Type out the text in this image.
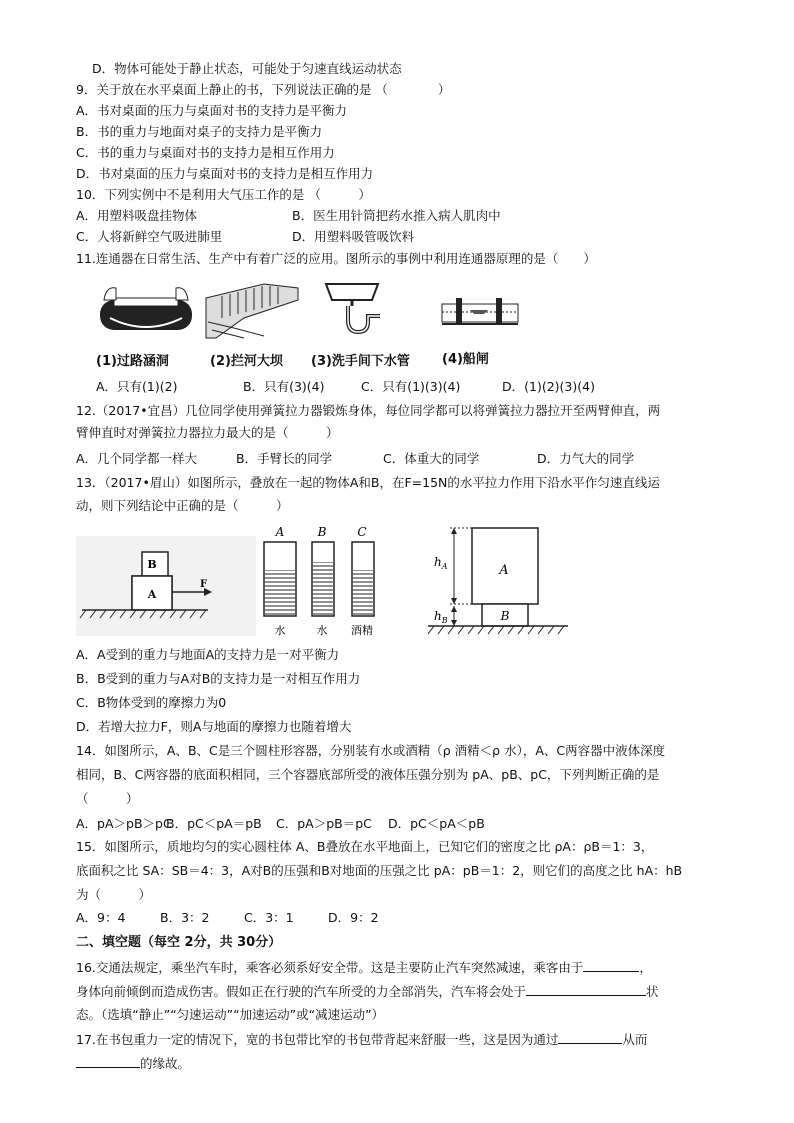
D．物体可能处于静止状态，可能处于匀速直线运动状态
9．关于放在水平桌面上静止的书，下列说法正确的是 （　　　　）
A．书对桌面的压力与桌面对书的支持力是平衡力
B．书的重力与地面对桌子的支持力是平衡力
C．书的重力与桌面对书的支持力是相互作用力
D．书对桌面的压力与桌面对书的支持力是相互作用力
10．下列实例中不是利用大气压工作的是 （　　　）
A．用塑料吸盘挂物体	B．医生用针筒把药水推入病人肌肉中
C．人将新鲜空气吸进肺里	D．用塑料吸管吸饮料
11.连通器在日常生活、生产中有着广泛的应用。图所示的事例中利用连通器原理的是（　　）
(1)过路涵洞	(2)拦河大坝 (3)洗手间下水管 (4)船闸
A．只有(1)(2)	B．只有(3)(4)	C．只有(1)(3)(4)	D．(1)(2)(3)(4)
12.（2017•宜昌）几位同学使用弹簧拉力器锻炼身体，每位同学都可以将弹簧拉力器拉开至两臂伸直，两
臂伸直时对弹簧拉力器拉力最大的是（　　　）
A．几个同学都一样大	B．手臂长的同学	C．体重大的同学	D．力气大的同学
13．（2017•眉山）如图所示，叠放在一起的物体A和B，在F=15N的水平拉力作用下沿水平作匀速直线运
动，则下列结论中正确的是（　　　）
B
A
F
A	B	C
水	水 酒精
$h_A$
$h_B$
A
B
A．A受到的重力与地面A的支持力是一对平衡力
B．B受到的重力与A对B的支持力是一对相互作用力
C．B物体受到的摩擦力为0
D．若增大拉力F，则A与地面的摩擦力也随着增大
14．如图所示，A、B、C是三个圆柱形容器，分别装有水或酒精（ρ 酒精＜ρ 水），A、C两容器中液体深度
相同，B、C两容器的底面积相同，三个容器底部所受的液体压强分别为 pA、pB、pC，下列判断正确的是
（　　　）
A．pA＞pB＞pC
B．pC＜pA＝pB C．pA＞pB＝pC D．pC＜pA＜pB
15．如图所示，质地均匀的实心圆柱体 A、B叠放在水平地面上，已知它们的密度之比 ρA：ρB＝1：3，
底面积之比 SA：SB＝4：3，A对B的压强和B对地面的压强之比 pA：pB＝1：2，则它们的高度之比 hA：hB
为（　　　）
A．9：4	B．3：2	C．3：1	D．9：2
二、填空题（每空 2分，共 30分）
16.交通法规定，乘坐汽车时，乘客必须系好安全带。这是主要防止汽车突然减速，乘客由于	，
身体向前倾倒而造成伤害。假如正在行驶的汽车所受的力全部消失，汽车将会处于	状
态。（选填“静止”“匀速运动”“加速运动”或“减速运动”）
17.在书包重力一定的情况下，宽的书包带比窄的书包带背起来舒服一些，这是因为通过	从而
的缘故。
